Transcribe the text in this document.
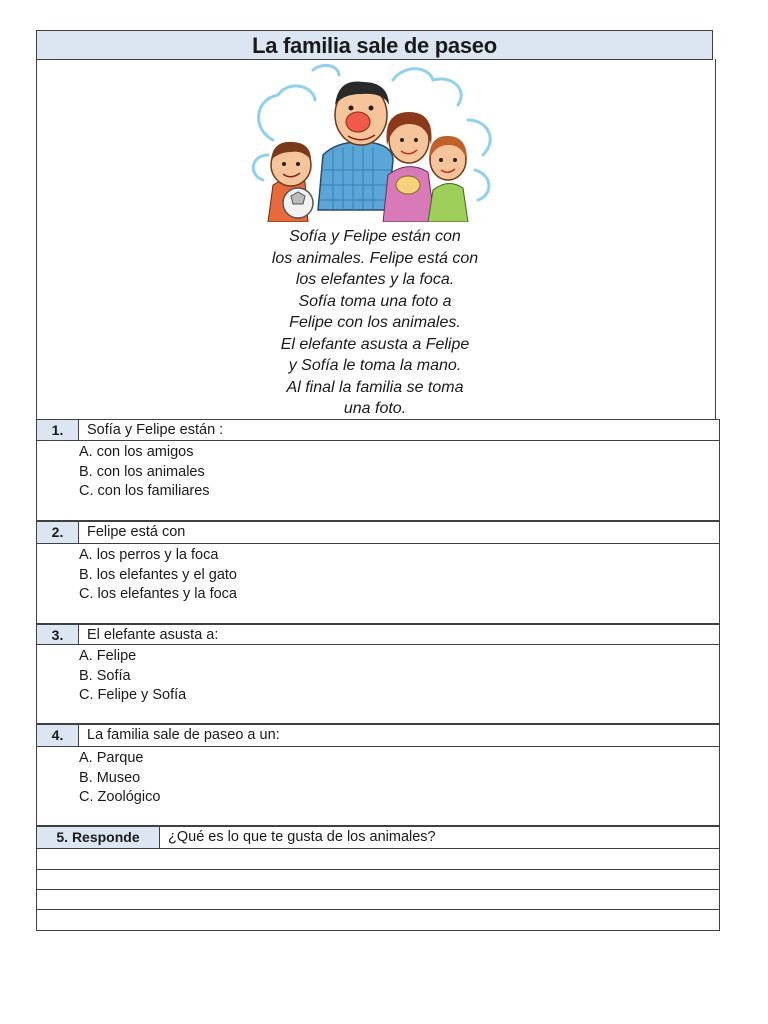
La familia sale de paseo
Sofía y Felipe están con
los animales. Felipe está con
los elefantes y la foca.
Sofía toma una foto a
Felipe con los animales.
El elefante asusta a Felipe
y Sofía le toma la mano.
Al final la familia se toma
una foto.
1.	Sofía y Felipe están :
A. con los amigos
B. con los animales
C. con los familiares
2.	Felipe está con
A. los perros y la foca
B. los elefantes y el gato
C. los elefantes y la foca
3.	El elefante asusta a:
A. Felipe
B. Sofía
C. Felipe y Sofía
4.	La familia sale de paseo a un:
A. Parque
B. Museo
C. Zoológico
5. Responde	¿Qué es lo que te gusta de los animales?
